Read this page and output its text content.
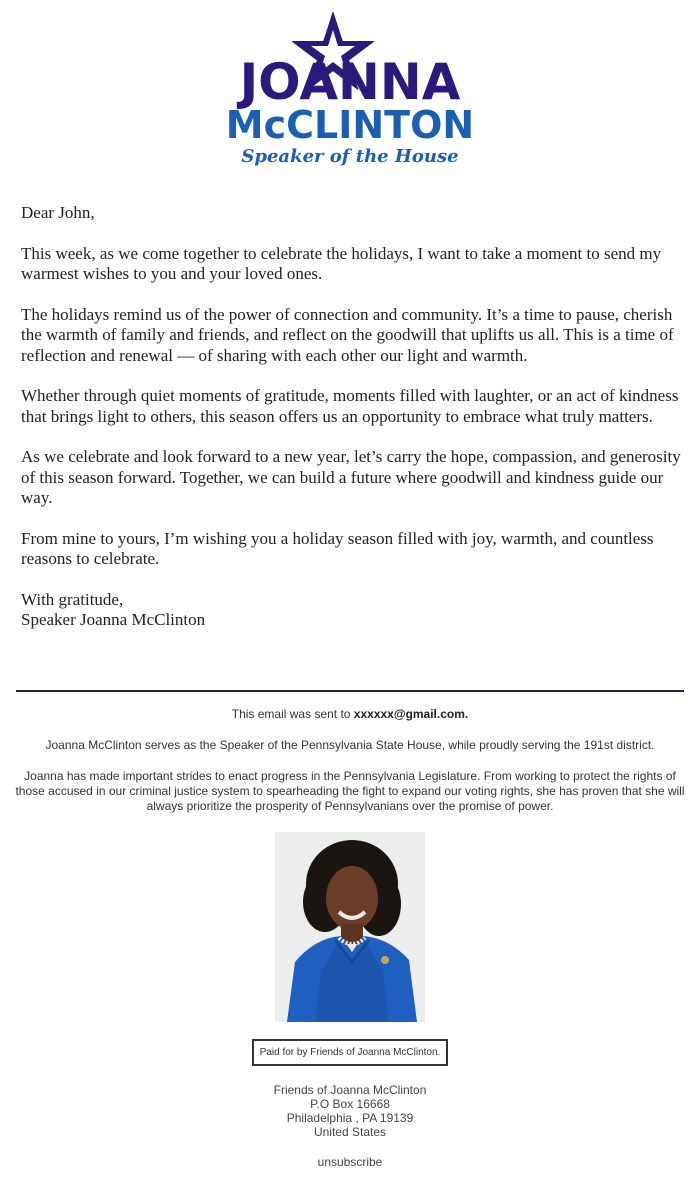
JOANNA
McCLINTON
Speaker of the House

Dear John,

This week, as we come together to celebrate the holidays, I want to take a moment to send my warmest wishes to you and your loved ones.

The holidays remind us of the power of connection and community. It’s a time to pause, cherish the warmth of family and friends, and reflect on the goodwill that uplifts us all. This is a time of reflection and renewal — of sharing with each other our light and warmth.

Whether through quiet moments of gratitude, moments filled with laughter, or an act of kindness that brings light to others, this season offers us an opportunity to embrace what truly matters.

As we celebrate and look forward to a new year, let’s carry the hope, compassion, and generosity of this season forward. Together, we can build a future where goodwill and kindness guide our way.

From mine to yours, I’m wishing you a holiday season filled with joy, warmth, and countless reasons to celebrate.

With gratitude,
Speaker Joanna McClinton
This email was sent to xxxxxx@gmail.com.
Joanna McClinton serves as the Speaker of the Pennsylvania State House, while proudly serving the 191st district.
Joanna has made important strides to enact progress in the Pennsylvania Legislature. From working to protect the rights of those accused in our criminal justice system to spearheading the fight to expand our voting rights, she has proven that she will always prioritize the prosperity of Pennsylvanians over the promise of power.
Paid for by Friends of Joanna McClinton.
Friends of Joanna McClinton
P.O Box 16668
Philadelphia , PA 19139
United States
unsubscribe
